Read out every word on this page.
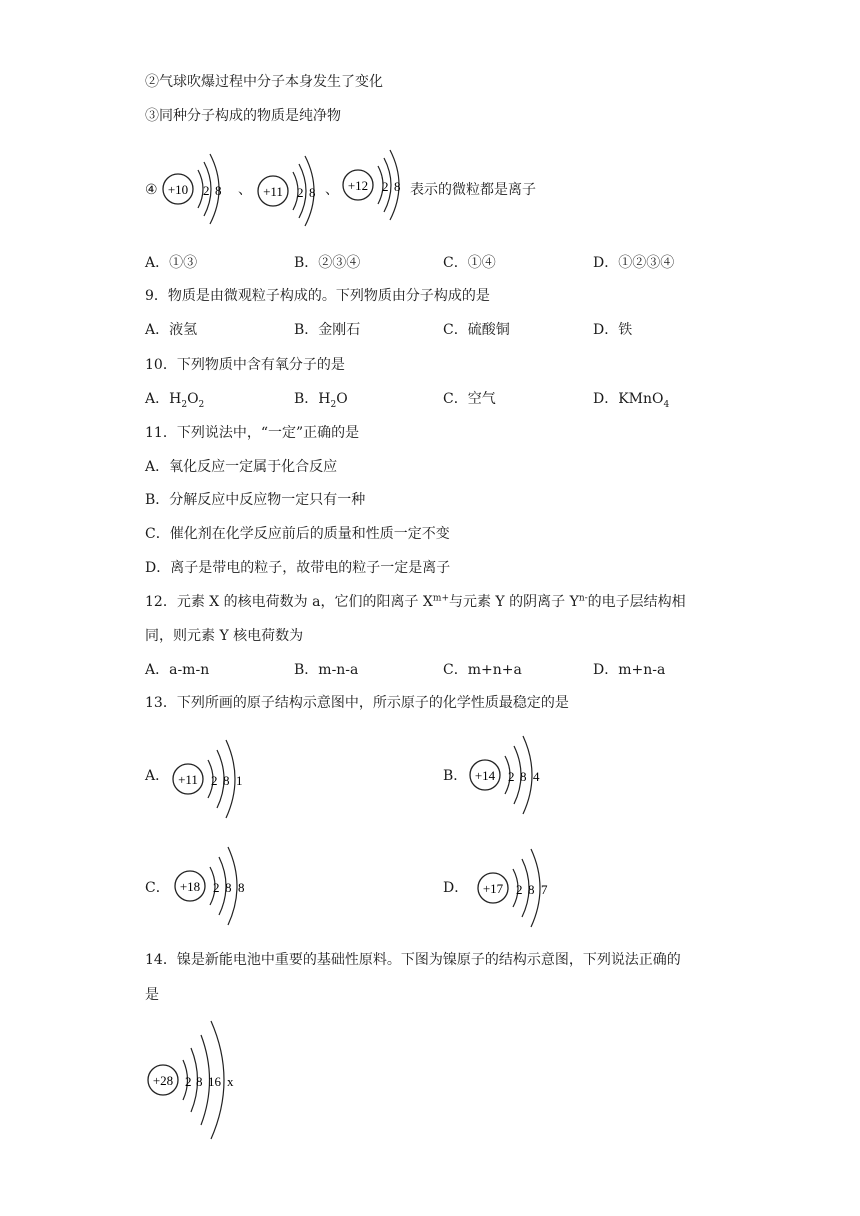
②气球吹爆过程中分子本身发生了变化
③同种分子构成的物质是纯净物
④ +10 2 8 、 +11 2 8 、 +12 2 8 表示的微粒都是离子
A．①③	B．②③④	C．①④	D．①②③④
9．物质是由微观粒子构成的。下列物质由分子构成的是
A．液氢	B．金刚石	C．硫酸铜	D．铁
10．下列物质中含有氧分子的是
A．$H_2O_2$	B．$H_2O$	C．空气	D．KMnO$_4$
11．下列说法中，“一定”正确的是
A．氧化反应一定属于化合反应
B．分解反应中反应物一定只有一种
C．催化剂在化学反应前后的质量和性质一定不变
D．离子是带电的粒子，故带电的粒子一定是离子
12．元素 X 的核电荷数为 a，它们的阳离子 $X^{m+}$与元素 Y 的阴离子 $Y^{n-}$的电子层结构相
同，则元素 Y 核电荷数为
A．a-m-n	B．m-n-a	C．m+n+a	D．m+n-a
13．下列所画的原子结构示意图中，所示原子的化学性质最稳定的是
A． +11 2 8 1	B． +14 2 8 4
C． +18 2 8 8	D． +17 2 8 7
14．镍是新能电池中重要的基础性原料。下图为镍原子的结构示意图，下列说法正确的
是
+28 2 8 16 x
